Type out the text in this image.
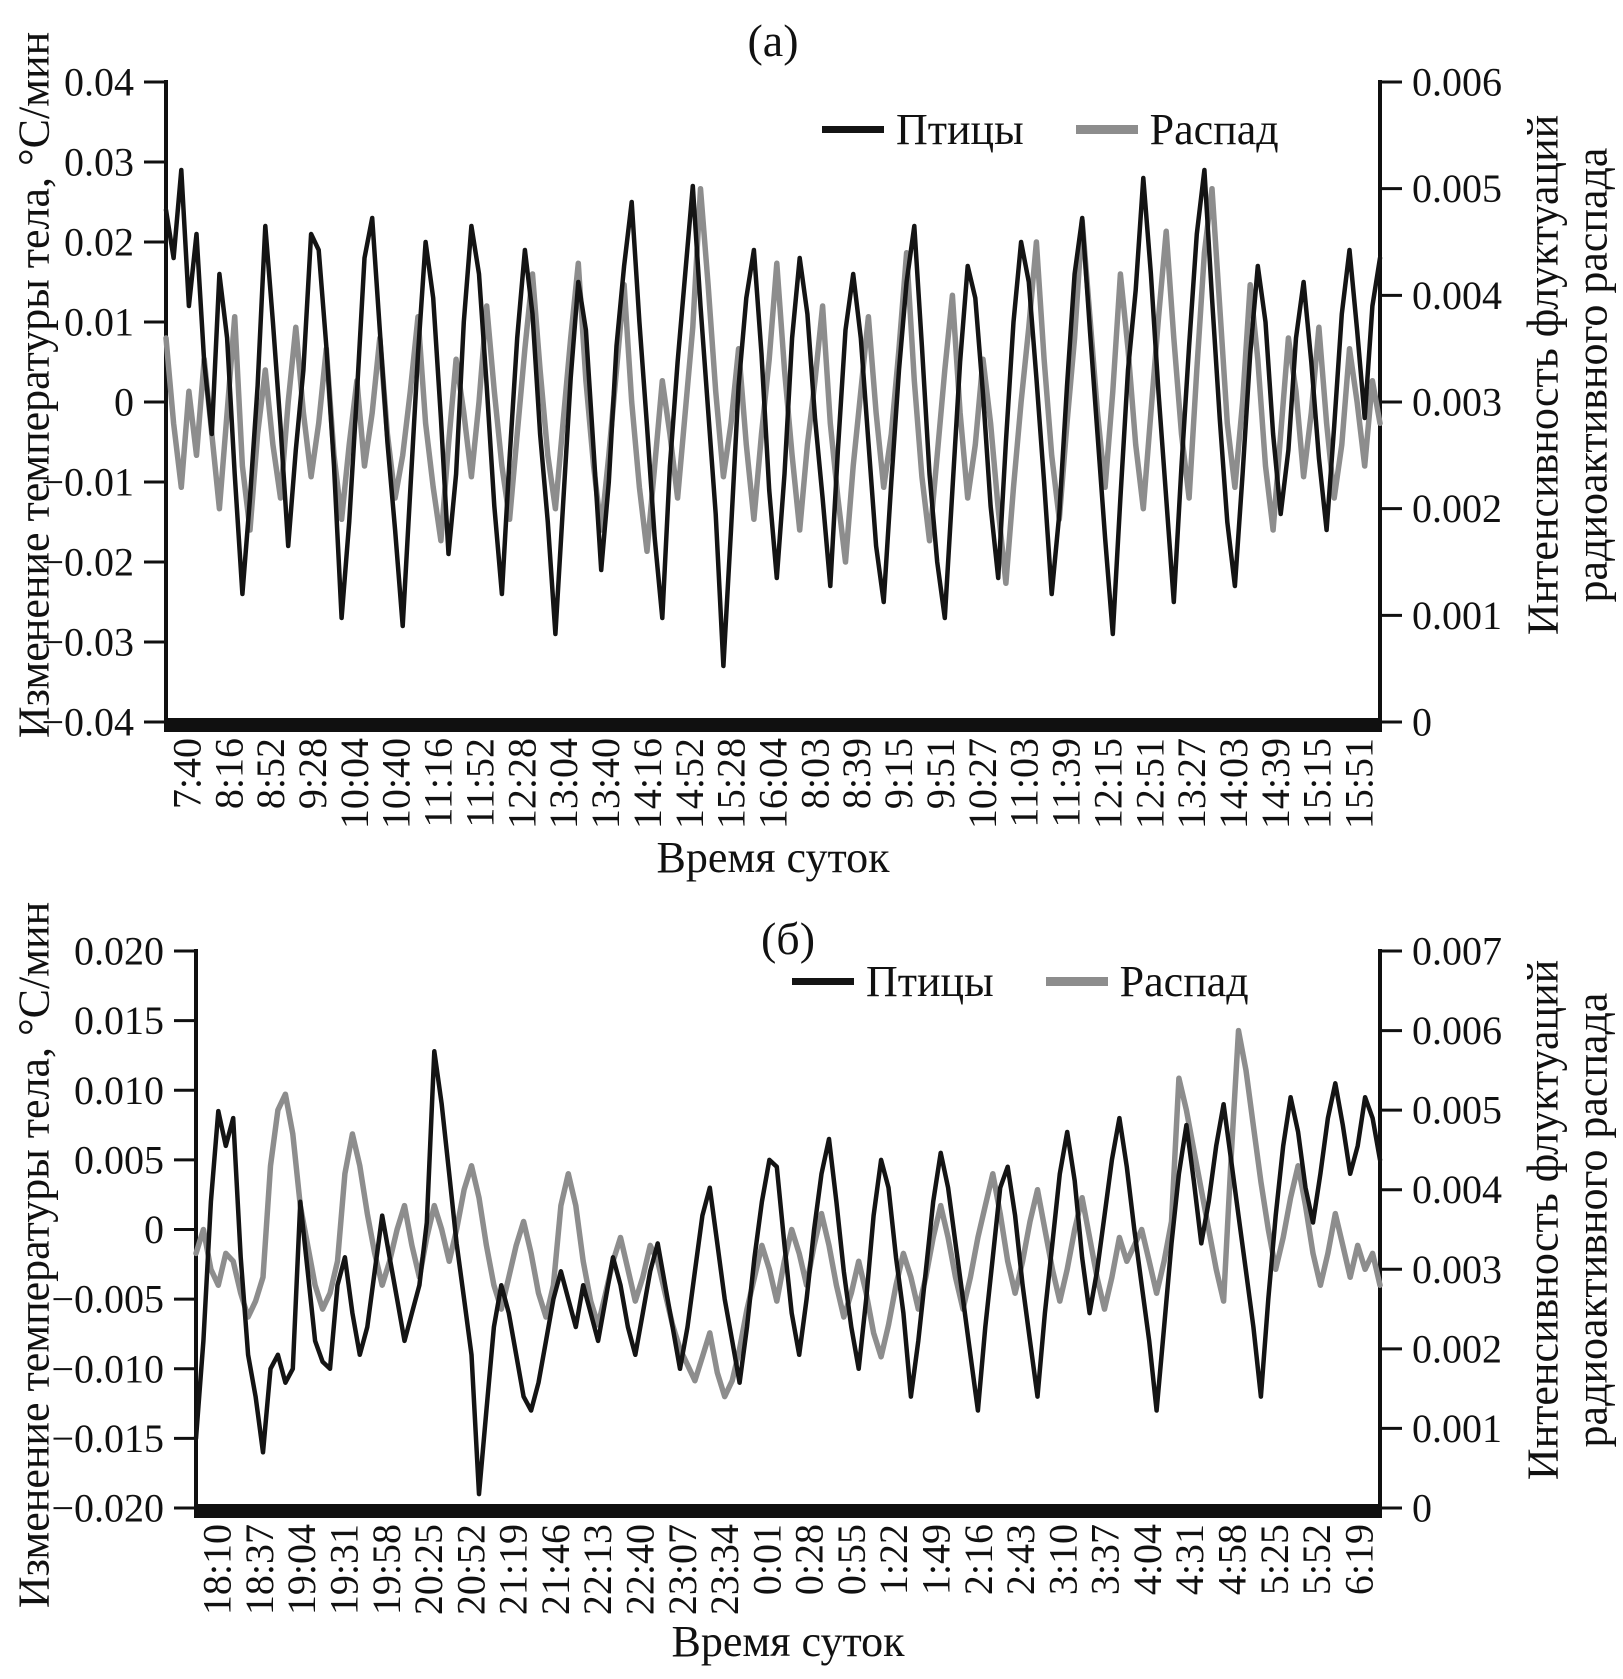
(а)
Птицы	Распад
Изменение температуры тела, °C/мин	Интенсивность флуктуаций радиоактивного распада
0.04
0.03
0.02
0.01
0
−0.01
−0.02
−0.03
−0.04
0.006
0.005
0.004
0.003
0.002
0.001
0
7:40
8:16
8:52
9:28
10:04
10:40
11:16
11:52
12:28
13:04
13:40
14:16
14:52
15:28
16:04
8:03
8:39
9:15
9:51
10:27
11:03
11:39
12:15
12:51
13:27
14:03
14:39
15:15
15:51
Время суток
(б)
Птицы	Распад
Изменение температуры тела, °C/мин	Интенсивность флуктуаций радиоактивного распада
0.020
0.015
0.010
0.005
0
−0.005
−0.010
−0.015
−0.020
0.007
0.006
0.005
0.004
0.003
0.002
0.001
0
18:10
18:37
19:04
19:31
19:58
20:25
20:52
21:19
21:46
22:13
22:40
23:07
23:34
0:01
0:28
0:55
1:22
1:49
2:16
2:43
3:10
3:37
4:04
4:31
4:58
5:25
5:52
6:19
Время суток
